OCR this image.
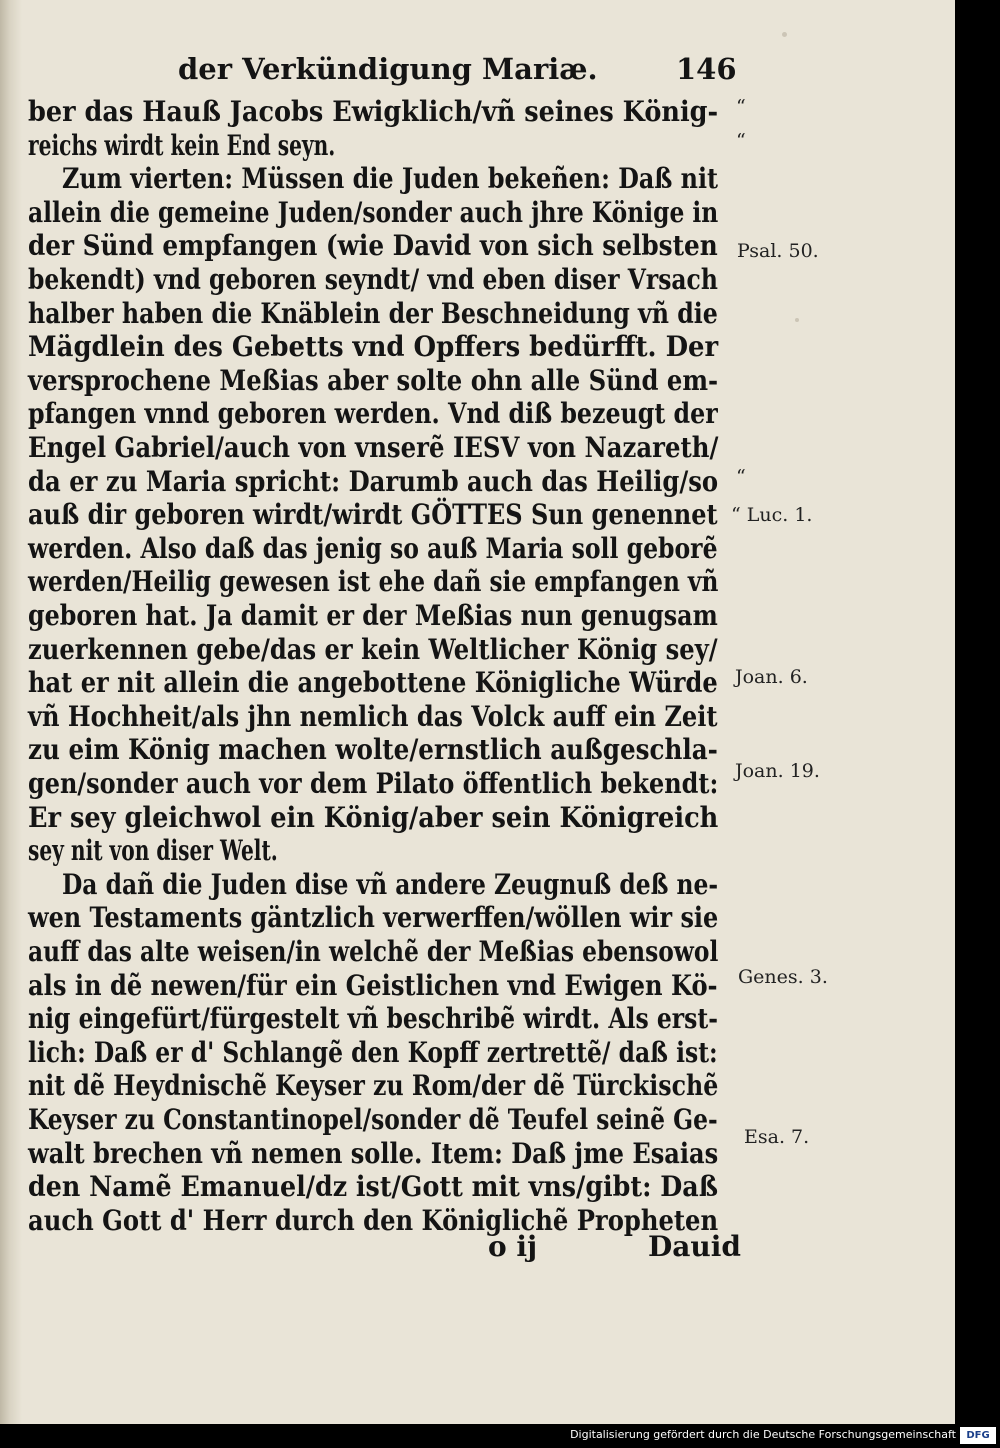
der Verkündigung Mariæ.	146
ber das Hauß Jacobs Ewigklich/vñ seines König-
reichs wirdt kein End seyn.
Zum vierten: Müssen die Juden bekeñen: Daß nit
allein die gemeine Juden/sonder auch jhre Könige in
der Sünd empfangen (wie David von sich selbsten
bekendt) vnd geboren seyndt/ vnd eben diser Vrsach
halber haben die Knäblein der Beschneidung vñ die
Mägdlein des Gebetts vnd Opffers bedürfft. Der
versprochene Meßias aber solte ohn alle Sünd em-
pfangen vnnd geboren werden. Vnd diß bezeugt der
Engel Gabriel/auch von vnserẽ IESV von Nazareth/
da er zu Maria spricht: Darumb auch das Heilig/so
auß dir geboren wirdt/wirdt GÖTTES Sun genennet
werden. Also daß das jenig so auß Maria soll geborẽ
werden/Heilig gewesen ist ehe dañ sie empfangen vñ
geboren hat. Ja damit er der Meßias nun genugsam
zuerkennen gebe/das er kein Weltlicher König sey/
hat er nit allein die angebottene Königliche Würde
vñ Hochheit/als jhn nemlich das Volck auff ein Zeit
zu eim König machen wolte/ernstlich außgeschla-
gen/sonder auch vor dem Pilato öffentlich bekendt:
Er sey gleichwol ein König/aber sein Königreich
sey nit von diser Welt.
Da dañ die Juden dise vñ andere Zeugnuß deß ne-
wen Testaments gäntzlich verwerffen/wöllen wir sie
auff das alte weisen/in welchẽ der Meßias ebensowol
als in dẽ newen/für ein Geistlichen vnd Ewigen Kö-
nig eingefürt/fürgestelt vñ beschribẽ wirdt. Als erst-
lich: Daß er d' Schlangẽ den Kopff zertrettẽ/ daß ist:
nit dẽ Heydnischẽ Keyser zu Rom/der dẽ Türckischẽ
Keyser zu Constantinopel/sonder dẽ Teufel seinẽ Ge-
walt brechen vñ nemen solle. Item: Daß jme Esaias
den Namẽ Emanuel/dz ist/Gott mit vns/gibt: Daß
auch Gott d' Herr durch den Königlichẽ Propheten
“
“
Psal. 50.
“
“ Luc. 1.
Joan. 6.
Joan. 19.
Genes. 3.
Esa. 7.
o ij	Dauid
Digitalisierung gefördert durch die Deutsche Forschungsgemeinschaft	DFG
